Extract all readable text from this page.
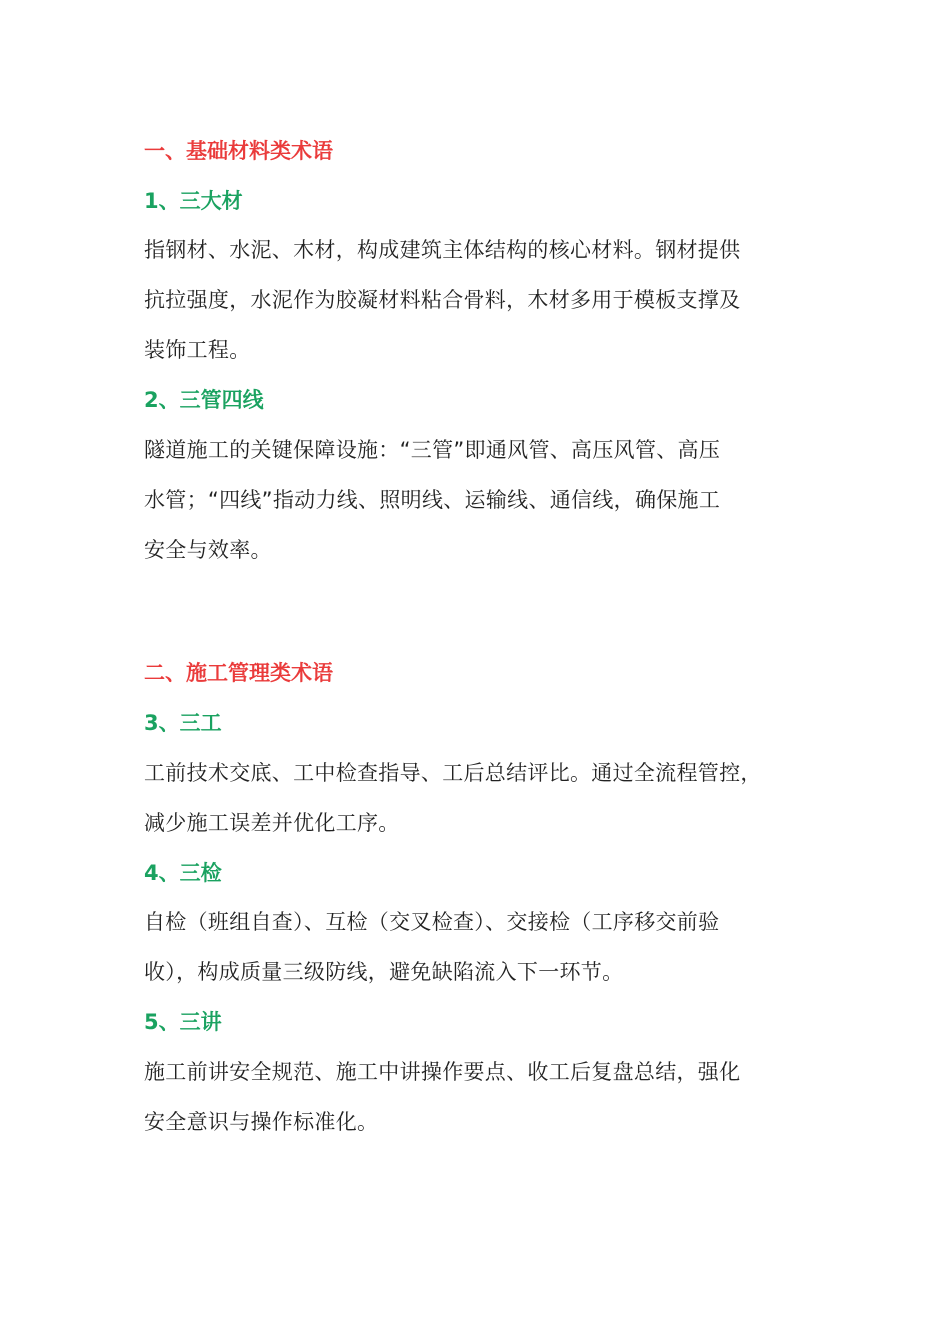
一、基础材料类术语
1、三大材

指钢材、水泥、木材，构成建筑主体结构的核心材料。钢材提供

抗拉强度，水泥作为胶凝材料粘合骨料，木材多用于模板支撑及

装饰工程。

2、三管四线

隧道施工的关键保障设施：“三管”即通风管、高压风管、高压

水管；“四线”指动力线、照明线、运输线、通信线，确保施工

安全与效率。

二、施工管理类术语
3、三工

工前技术交底、工中检查指导、工后总结评比。通过全流程管控，

减少施工误差并优化工序。

4、三检

自检（班组自查）、互检（交叉检查）、交接检（工序移交前验

收），构成质量三级防线，避免缺陷流入下一环节。

5、三讲

施工前讲安全规范、施工中讲操作要点、收工后复盘总结，强化

安全意识与操作标准化。
